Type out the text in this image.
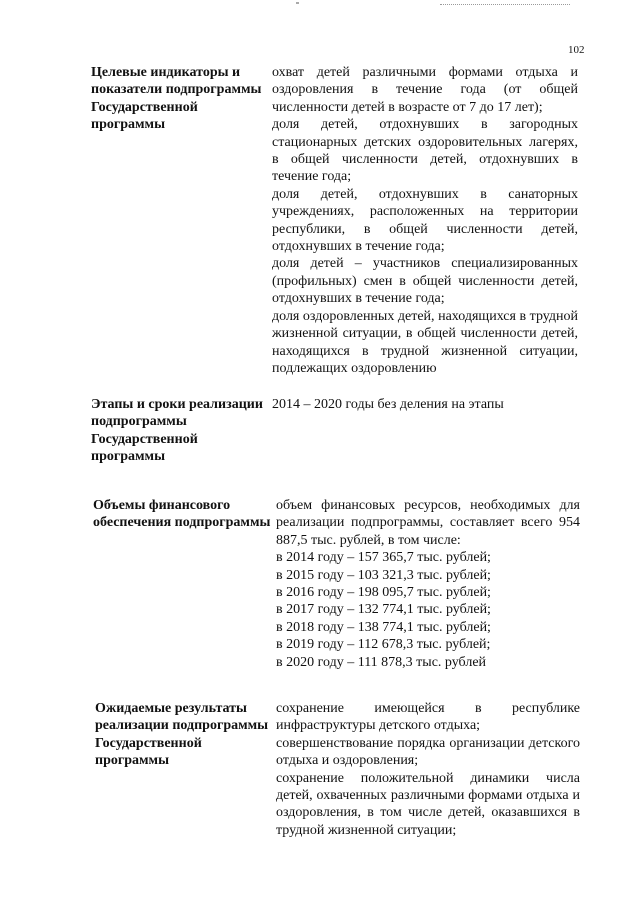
102
Целевые индикаторы и показатели подпрограммы Государственной программы

охват детей различными формами отдыха и оздоровления в течение года (от общей численности детей в возрасте от 7 до 17 лет);

доля детей, отдохнувших в загородных стационарных детских оздоровительных лагерях, в общей численности детей, отдохнувших в течение года;

доля детей, отдохнувших в санаторных учреждениях, расположенных на территории республики, в общей численности детей, отдохнувших в течение года;

доля детей – участников специализированных (профильных) смен в общей численности детей, отдохнувших в течение года;

доля оздоровленных детей, находящихся в трудной жизненной ситуации, в общей численности детей, находящихся в трудной жизненной ситуации, подлежащих оздоровлению

Этапы и сроки реализации подпрограммы Государственной программы

2014 – 2020 годы без деления на этапы

Объемы финансового обеспечения подпрограммы

объем финансовых ресурсов, необходимых для реализации подпрограммы, составляет всего 954 887,5 тыс. рублей, в том числе:

в 2014 году – 157 365,7 тыс. рублей;

в 2015 году – 103 321,3 тыс. рублей;

в 2016 году – 198 095,7 тыс. рублей;

в 2017 году – 132 774,1 тыс. рублей;

в 2018 году – 138 774,1 тыс. рублей;

в 2019 году – 112 678,3 тыс. рублей;

в 2020 году – 111 878,3 тыс. рублей

Ожидаемые результаты реализации подпрограммы Государственной программы

сохранение имеющейся в республике инфраструктуры детского отдыха;

совершенствование порядка организации детского отдыха и оздоровления;

сохранение положительной динамики числа детей, охваченных различными формами отдыха и оздоровления, в том числе детей, оказавшихся в трудной жизненной ситуации;
